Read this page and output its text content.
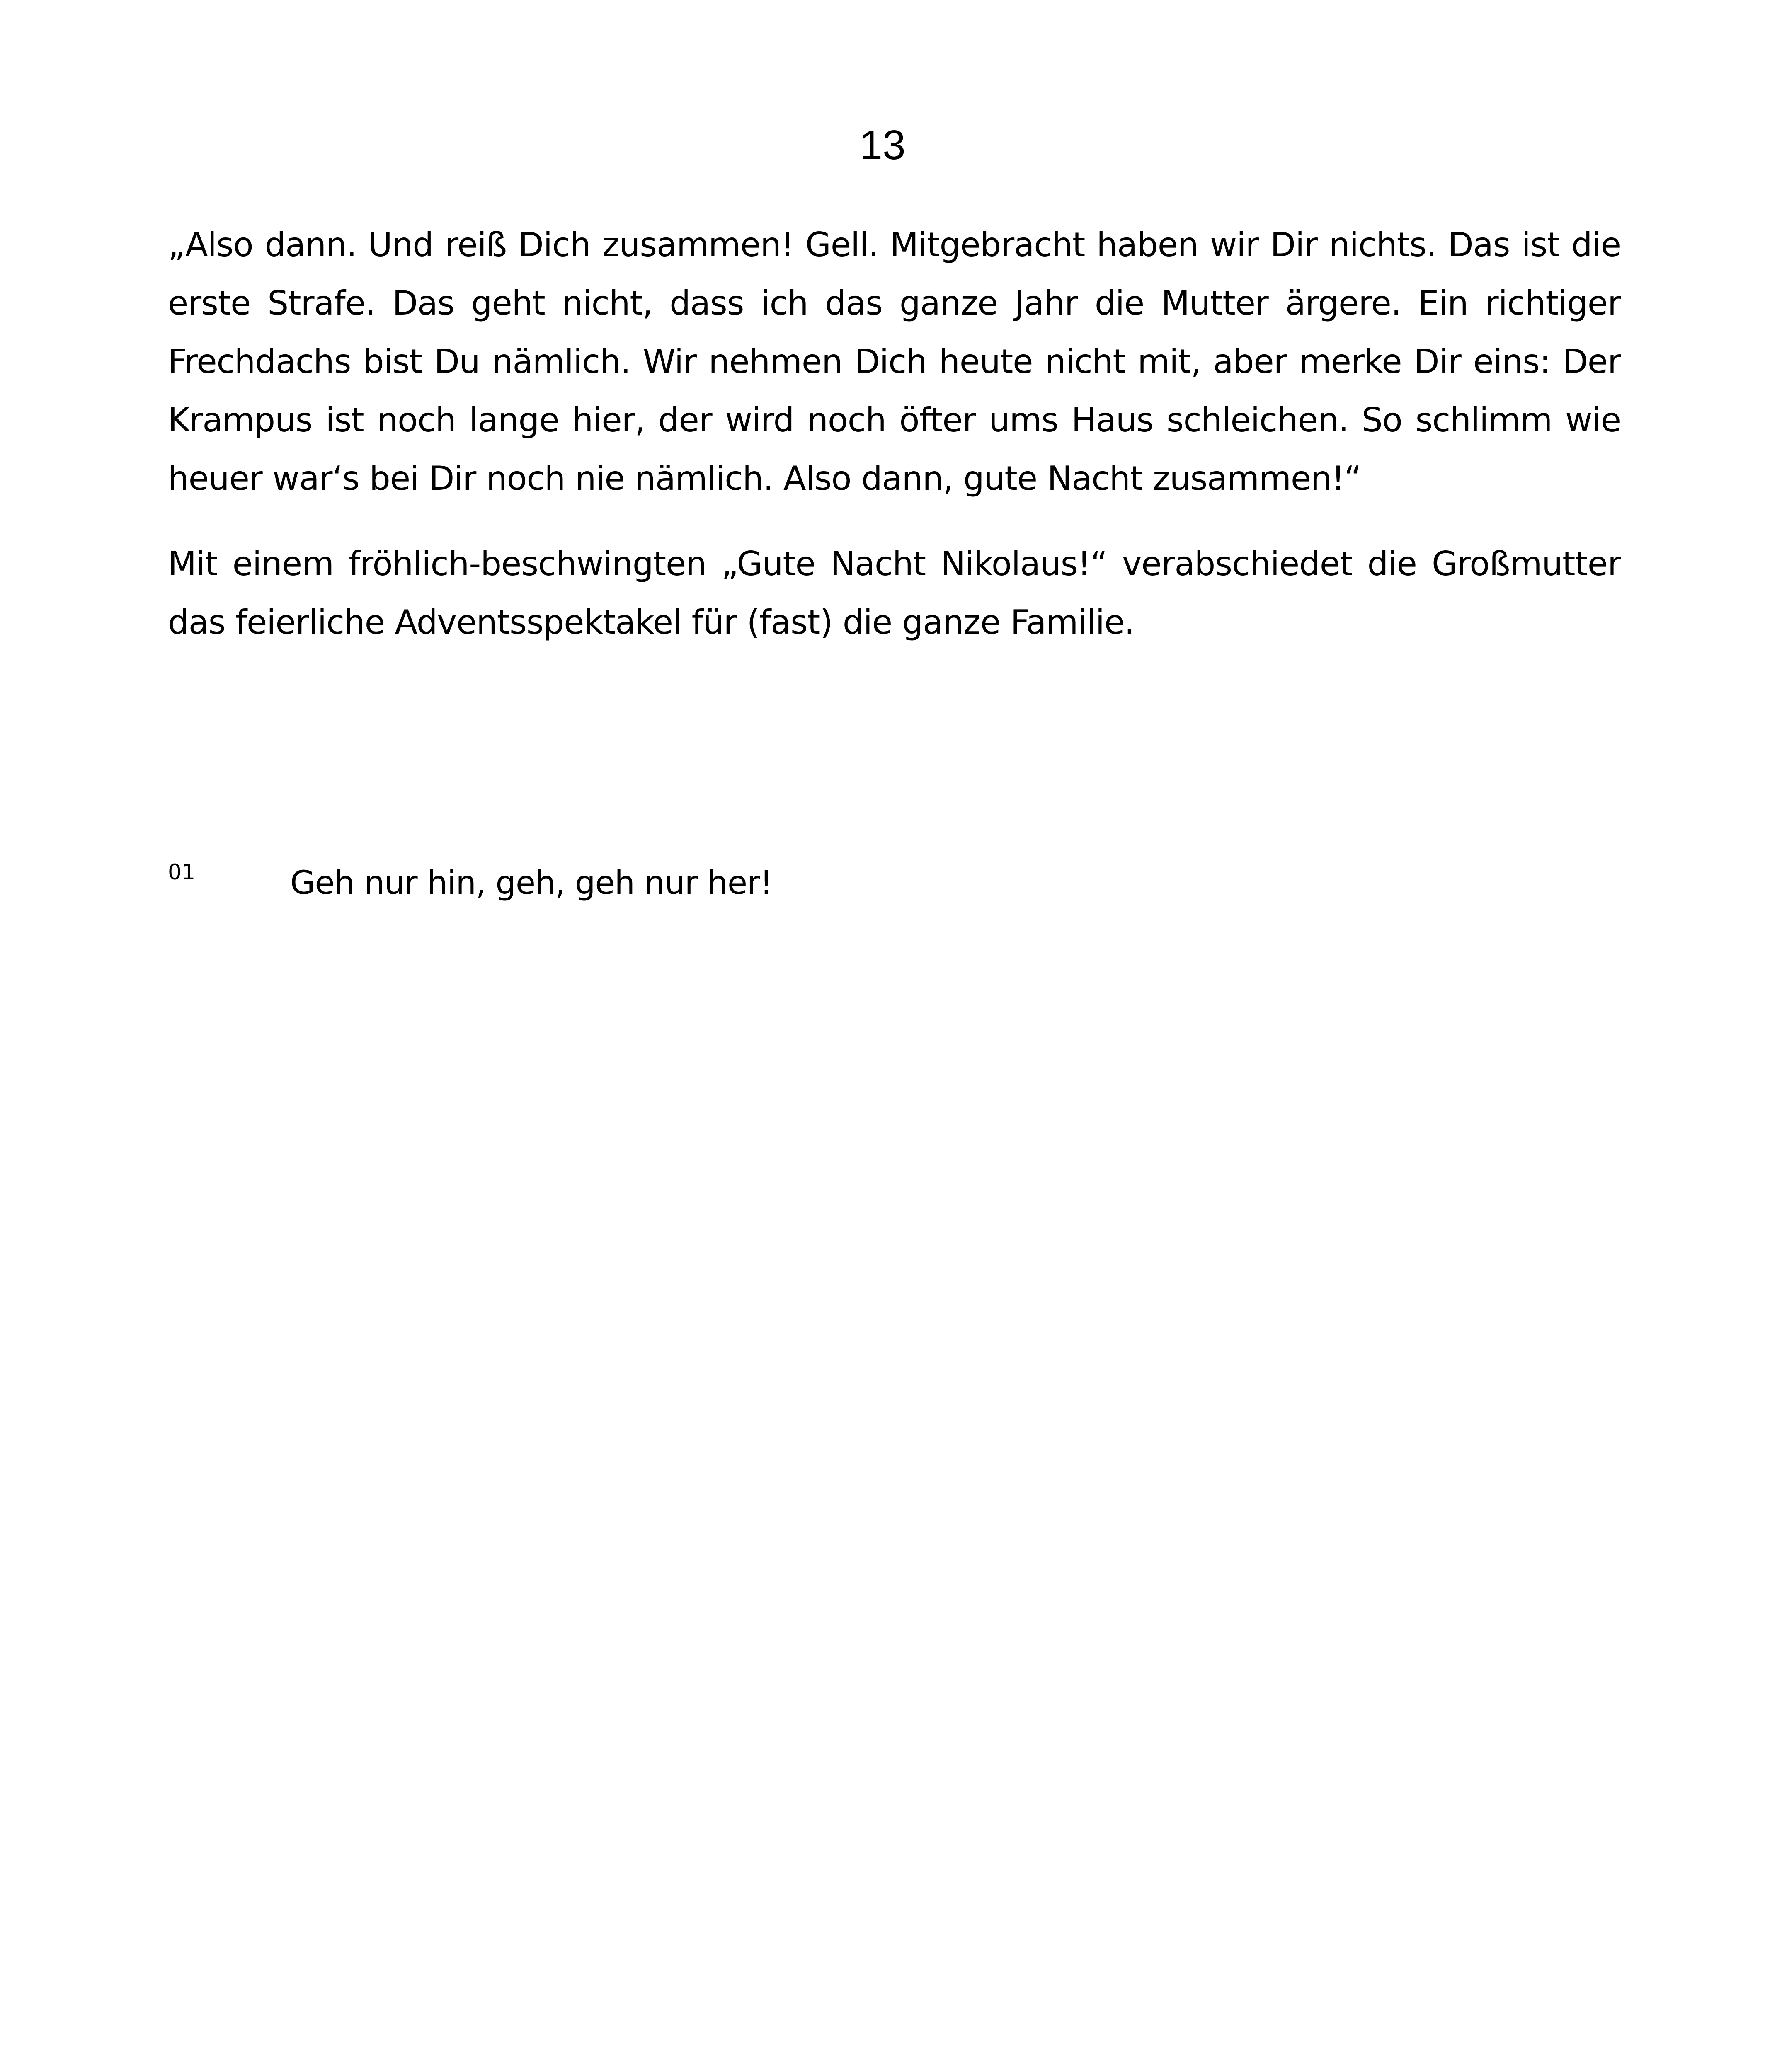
13

„Also dann. Und reiß Dich zusammen! Gell. Mitgebracht haben wir Dir nichts. Das ist die erste Strafe. Das geht nicht, dass ich das ganze Jahr die Mutter ärgere. Ein richtiger Frechdachs bist Du nämlich. Wir nehmen Dich heute nicht mit, aber merke Dir eins: Der Krampus ist noch lange hier, der wird noch öfter ums Haus schleichen. So schlimm wie heuer war‘s bei Dir noch nie nämlich. Also dann, gute Nacht zusammen!“

Mit einem fröhlich-beschwingten „Gute Nacht Nikolaus!“ verabschiedet die Großmutter das feierliche Adventsspektakel für (fast) die ganze Familie.

01	Geh nur hin, geh, geh nur her!
